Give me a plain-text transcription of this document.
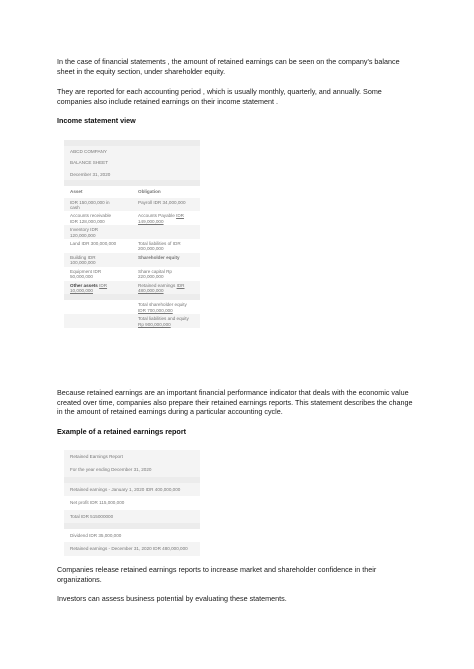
In the case of financial statements , the amount of retained earnings can be seen on the company's balance sheet in the equity section, under shareholder equity.

They are reported for each accounting period , which is usually monthly, quarterly, and annually. Some companies also include retained earnings on their income statement .

Income statement view

ABCD COMPANY	
BALANCE SHEET	
December 31, 2020	

Asset	Obligation
IDR 150,000,000 in
cash	Payroll IDR 34,000,000
Accounts receivable
IDR 128,000,000	Accounts Payable IDR
149,000,000
Inventory IDR
120,000,000	
Land IDR 300,000,000	Total liabilities of IDR
200,000,000
Building IDR
100,000,000	Shareholder equity
Equipment IDR
50,000,000	Share capital Rp
220,000,000
Other assets IDR
10,000,000	Retained earnings IDR
480,000,000

	Total shareholder equity
IDR 700,000,000
	Total liabilities and equity
Rp 900,000,000

Because retained earnings are an important financial performance indicator that deals with the economic value created over time, companies also prepare their retained earnings reports. This statement describes the change in the amount of retained earnings during a particular accounting cycle.

Example of a retained earnings report
Retained Earnings Report
For the year ending December 31, 2020

Retained earnings - January 1, 2020 IDR 400,000,000
Net profit IDR 115,000,000
Total IDR 515000000

Dividend IDR 35,000,000
Retained earnings - December 31, 2020 IDR 480,000,000

Companies release retained earnings reports to increase market and shareholder confidence in their organizations.

Investors can assess business potential by evaluating these statements.
